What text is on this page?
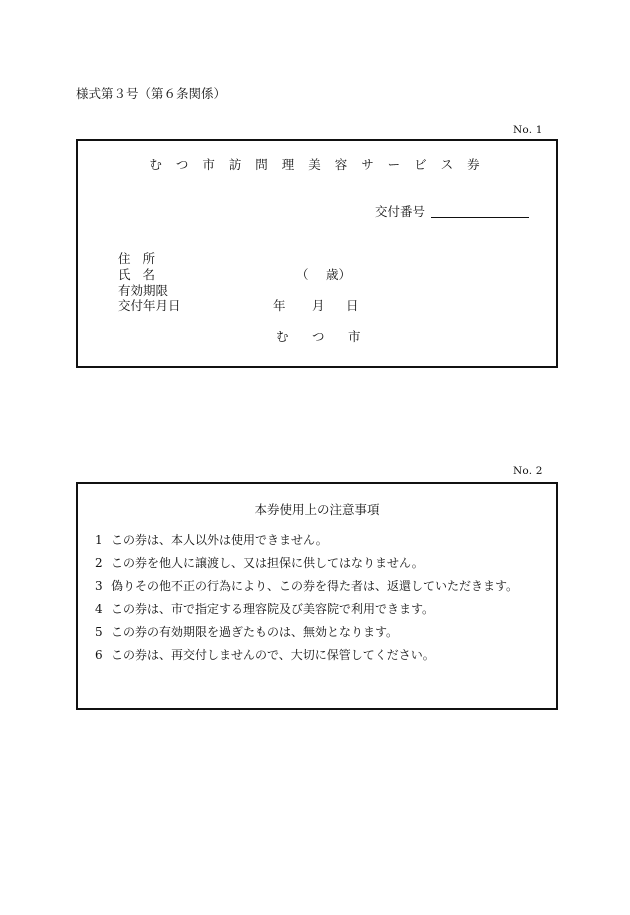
様式第３号（第６条関係）
No. 1
む つ 市 訪 問 理 美 容 サ ー ビ ス 券
交付番号
住所
氏名
有効期限
交付年月日
（ 歳）
年 月 日
む つ 市
No. 2
本券使用上の注意事項
1 この券は、本人以外は使用できません。
2 この券を他人に譲渡し、又は担保に供してはなりません。
3 偽りその他不正の行為により、この券を得た者は、返還していただきます。
4 この券は、市で指定する理容院及び美容院で利用できます。
5 この券の有効期限を過ぎたものは、無効となります。
6 この券は、再交付しませんので、大切に保管してください。
